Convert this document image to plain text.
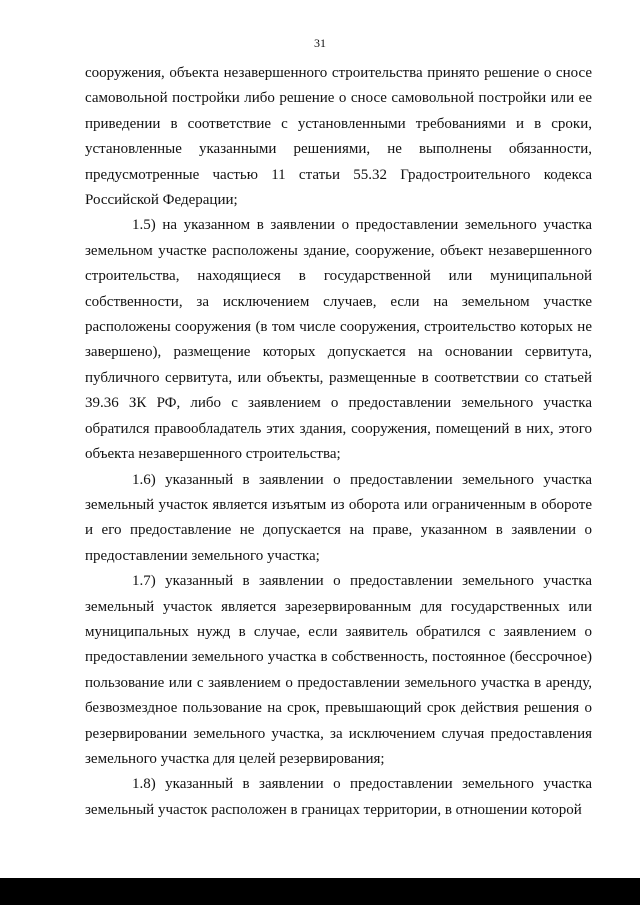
31

сооружения, объекта незавершенного строительства принято решение о сносе самовольной постройки либо решение о сносе самовольной постройки или ее приведении в соответствие с установленными требованиями и в сроки, установленные указанными решениями, не выполнены обязанности, предусмотренные частью 11 статьи 55.32 Градостроительного кодекса Российской Федерации;

1.5) на указанном в заявлении о предоставлении земельного участка земельном участке расположены здание, сооружение, объект незавершенного строительства, находящиеся в государственной или муниципальной собственности, за исключением случаев, если на земельном участке расположены сооружения (в том числе сооружения, строительство которых не завершено), размещение которых допускается на основании сервитута, публичного сервитута, или объекты, размещенные в соответствии со статьей 39.36 ЗК РФ, либо с заявлением о предоставлении земельного участка обратился правообладатель этих здания, сооружения, помещений в них, этого объекта незавершенного строительства;

1.6) указанный в заявлении о предоставлении земельного участка земельный участок является изъятым из оборота или ограниченным в обороте и его предоставление не допускается на праве, указанном в заявлении о предоставлении земельного участка;

1.7) указанный в заявлении о предоставлении земельного участка земельный участок является зарезервированным для государственных или муниципальных нужд в случае, если заявитель обратился с заявлением о предоставлении земельного участка в собственность, постоянное (бессрочное) пользование или с заявлением о предоставлении земельного участка в аренду, безвозмездное пользование на срок, превышающий срок действия решения о резервировании земельного участка, за исключением случая предоставления земельного участка для целей резервирования;

1.8) указанный в заявлении о предоставлении земельного участка земельный участок расположен в границах территории, в отношении которой
